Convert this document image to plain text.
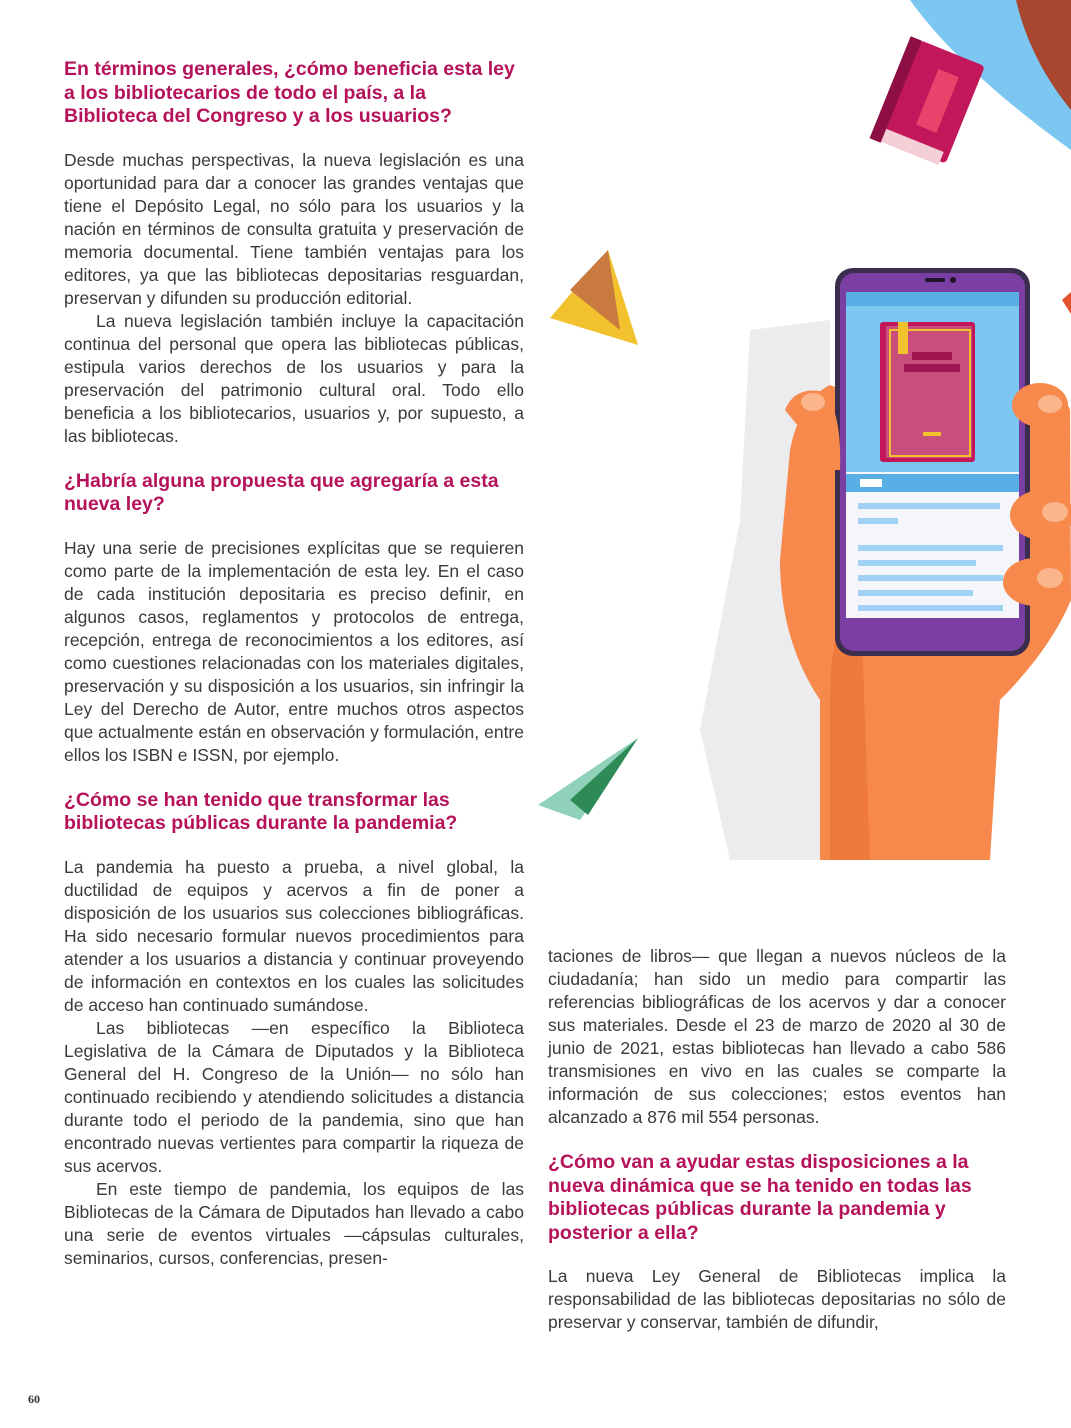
En términos generales, ¿cómo beneficia esta ley a los bibliotecarios de todo el país, a la Biblioteca del Congreso y a los usuarios?

Desde muchas perspectivas, la nueva legislación es una oportunidad para dar a conocer las grandes ventajas que tiene el Depósito Legal, no sólo para los usuarios y la nación en términos de consulta gratuita y preservación de memoria documental. Tiene también ventajas para los editores, ya que las bibliotecas depositarias resguardan, preservan y difunden su producción editorial.

La nueva legislación también incluye la capacitación continua del personal que opera las bibliotecas públicas, estipula varios derechos de los usuarios y para la preservación del patrimonio cultural oral. Todo ello beneficia a los bibliotecarios, usuarios y, por supuesto, a las bibliotecas.

¿Habría alguna propuesta que agregaría a esta nueva ley?

Hay una serie de precisiones explícitas que se requieren como parte de la implementación de esta ley. En el caso de cada institución depositaria es preciso definir, en algunos casos, reglamentos y protocolos de entrega, recepción, entrega de reconocimientos a los editores, así como cuestiones relacionadas con los materiales digitales, preservación y su disposición a los usuarios, sin infringir la Ley del Derecho de Autor, entre muchos otros aspectos que actualmente están en observación y formulación, entre ellos los ISBN e ISSN, por ejemplo.

¿Cómo se han tenido que transformar las bibliotecas públicas durante la pandemia?

La pandemia ha puesto a prueba, a nivel global, la ductilidad de equipos y acervos a fin de poner a disposición de los usuarios sus colecciones bibliográficas. Ha sido necesario formular nuevos procedimientos para atender a los usuarios a distancia y continuar proveyendo de información en contextos en los cuales las solicitudes de acceso han continuado sumándose.

Las bibliotecas —en específico la Biblioteca Legislativa de la Cámara de Diputados y la Biblioteca General del H. Congreso de la Unión— no sólo han continuado recibiendo y atendiendo solicitudes a distancia durante todo el periodo de la pandemia, sino que han encontrado nuevas vertientes para compartir la riqueza de sus acervos.

En este tiempo de pandemia, los equipos de las Bibliotecas de la Cámara de Diputados han llevado a cabo una serie de eventos virtuales —cápsulas culturales, seminarios, cursos, conferencias, presen-

taciones de libros— que llegan a nuevos núcleos de la ciudadanía; han sido un medio para compartir las referencias bibliográficas de los acervos y dar a conocer sus materiales. Desde el 23 de marzo de 2020 al 30 de junio de 2021, estas bibliotecas han llevado a cabo 586 transmisiones en vivo en las cuales se comparte la información de sus colecciones; estos eventos han alcanzado a 876 mil 554 personas.

¿Cómo van a ayudar estas disposiciones a la nueva dinámica que se ha tenido en todas las bibliotecas públicas durante la pandemia y posterior a ella?

La nueva Ley General de Bibliotecas implica la responsabilidad de las bibliotecas depositarias no sólo de preservar y conservar, también de difundir,

60
